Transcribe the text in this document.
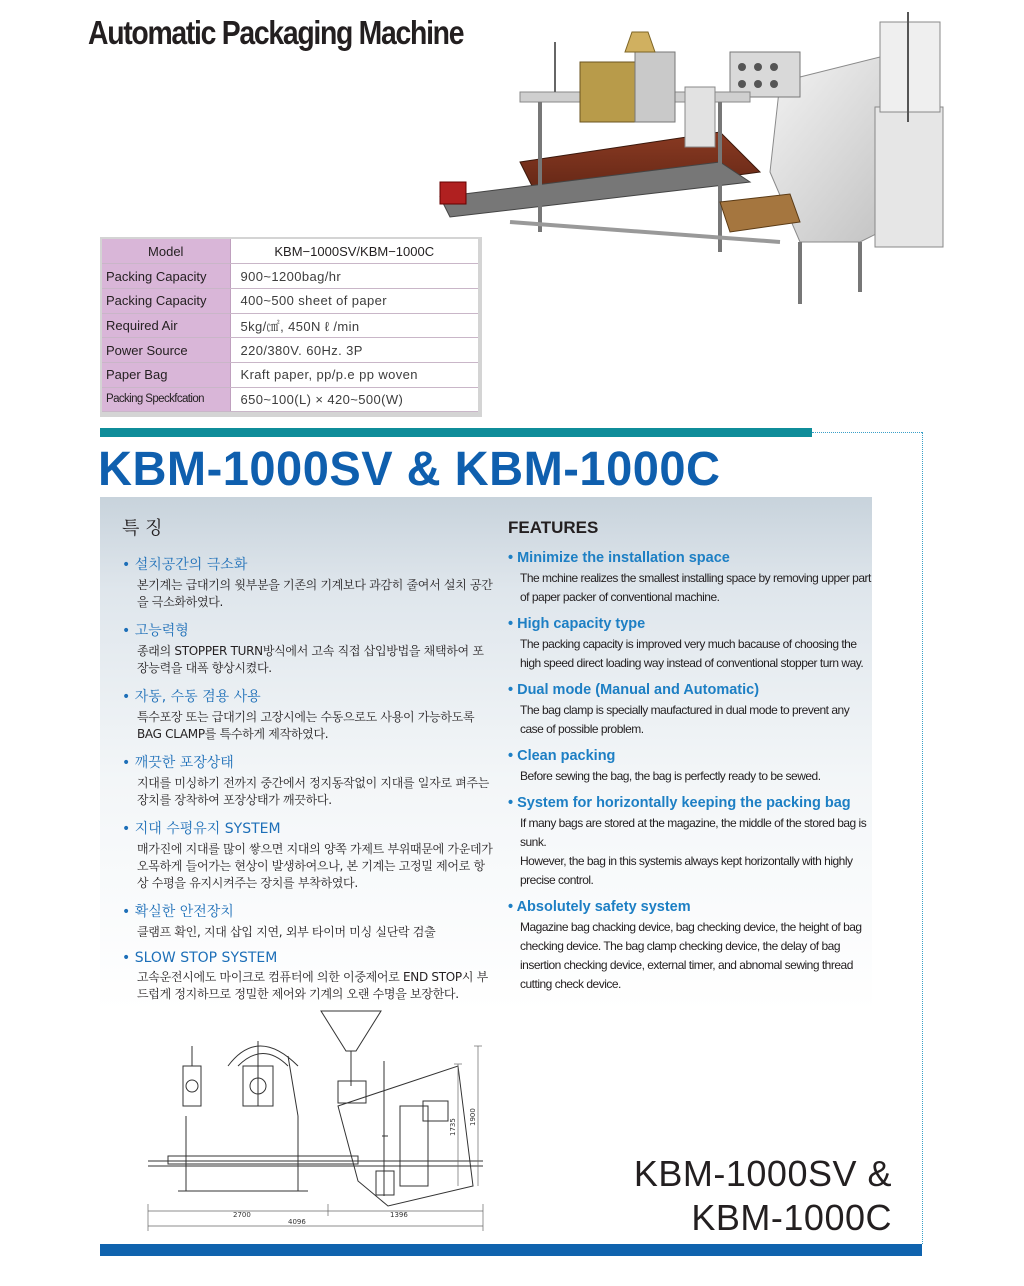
Automatic Packaging Machine
Model	KBM−1000SV/KBM−1000C
Packing Capacity	900~1200bag/hr
Packing Capacity	400~500 sheet of paper
Required Air	5kg/㎠, 450N ℓ /min
Power Source	220/380V. 60Hz. 3P
Paper Bag	Kraft paper, pp/p.e pp woven
Packing Speckfcation	650~100(L) × 420~500(W)
KBM-1000SV & KBM-1000C
특 징
• 설치공간의 극소화

본기계는 급대기의 윗부분을 기존의 기계보다 과감히 줄여서 설치 공간을 극소화하였다.

• 고능력형

종래의 STOPPER TURN방식에서 고속 직접 삽입방법을 채택하여 포장능력을 대폭 향상시켰다.

• 자동, 수동 겸용 사용

특수포장 또는 급대기의 고장시에는 수동으로도 사용이 가능하도록 BAG CLAMP를 특수하게 제작하였다.

• 깨끗한 포장상태

지대를 미싱하기 전까지 중간에서 정지동작없이 지대를 일자로 펴주는 장치를 장착하여 포장상태가 깨끗하다.

• 지대 수평유지 SYSTEM

매가진에 지대를 많이 쌓으면 지대의 양쪽 가제트 부위때문에 가운데가 오목하게 들어가는 현상이 발생하여으나, 본 기계는 고정밀 제어로 항상 수평을 유지시켜주는 장치를 부착하였다.

• 확실한 안전장치

클램프 확인, 지대 삽입 지연, 외부 타이머 미싱 실단락 검출

• SLOW STOP SYSTEM

고속운전시에도 마이크로 컴퓨터에 의한 이중제어로 END STOP시 부드럽게 정지하므로 정밀한 제어와 기계의 오랜 수명을 보장한다.

FEATURES
• Minimize the installation space

The mchine realizes the smallest installing space by removing upper part of paper packer of conventional machine.

• High capacity type

The packing capacity is improved very much bacause of choosing the high speed direct loading way instead of conventional stopper turn way.

• Dual mode (Manual and Automatic)

The bag clamp is specially maufactured in dual mode to prevent any case of possible problem.

• Clean packing

Before sewing the bag, the bag is perfectly ready to be sewed.

• System for horizontally keeping the packing bag

If many bags are stored at the magazine, the middle of the stored bag is sunk.
However, the bag in this systemis always kept horizontally with highly precise control.

• Absolutely safety system

Magazine bag chacking device, bag checking device, the height of bag checking device. The bag clamp checking device, the delay of bag insertion checking device, external timer, and abnomal sewing thread cutting check device.

2700	1396
4096
1735
1900
KBM-1000SV &
KBM-1000C
